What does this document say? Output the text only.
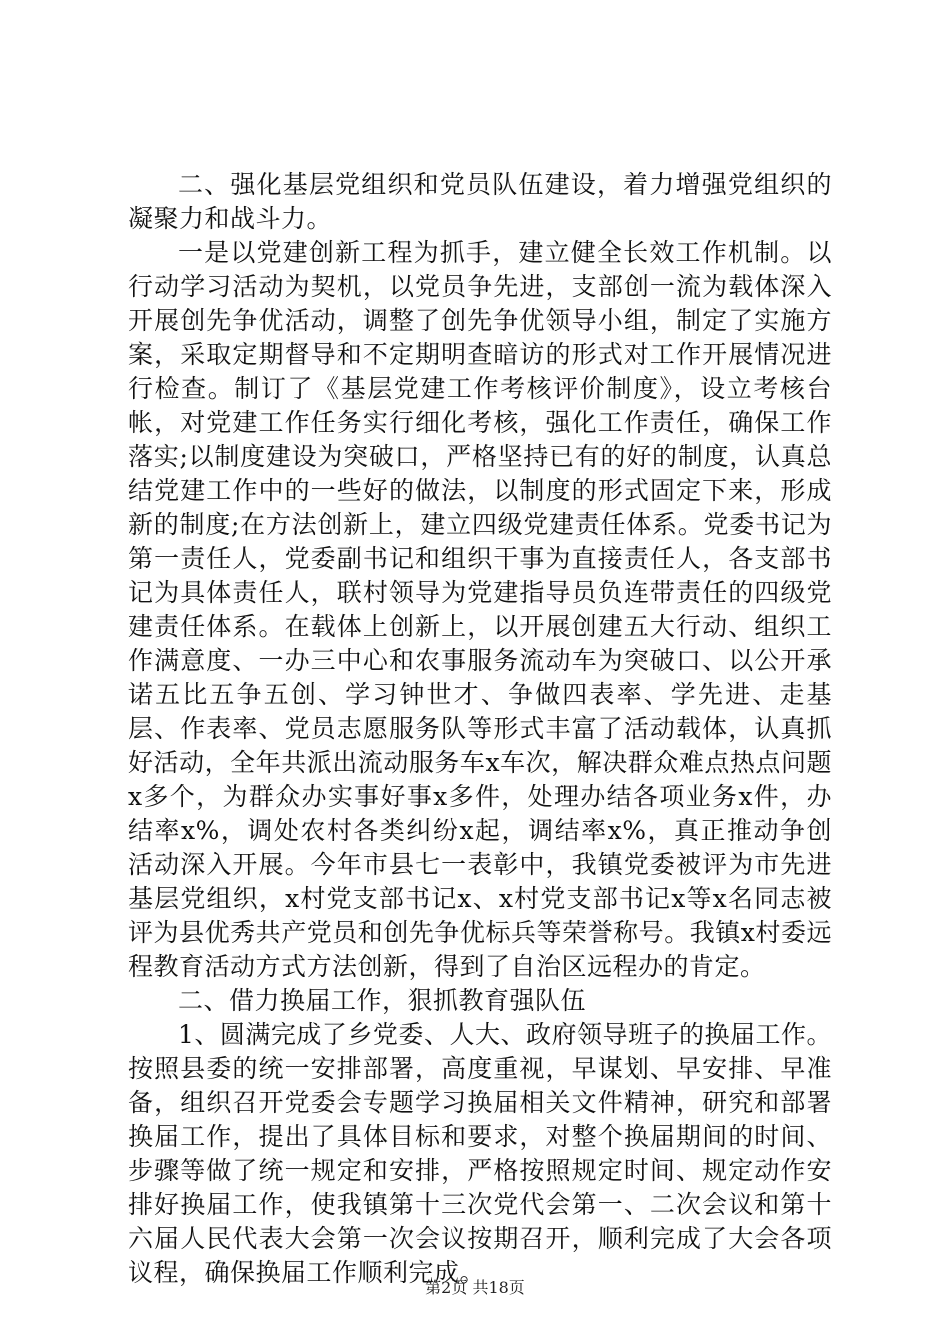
二、强化基层党组织和党员队伍建设，着力增强党组织的凝聚力和战斗力。

一是以党建创新工程为抓手，建立健全长效工作机制。以行动学习活动为契机，以党员争先进，支部创一流为载体深入开展创先争优活动，调整了创先争优领导小组，制定了实施方案，采取定期督导和不定期明查暗访的形式对工作开展情况进行检查。制订了《基层党建工作考核评价制度》，设立考核台帐，对党建工作任务实行细化考核，强化工作责任，确保工作落实;以制度建设为突破口，严格坚持已有的好的制度，认真总结党建工作中的一些好的做法，以制度的形式固定下来，形成新的制度;在方法创新上，建立四级党建责任体系。党委书记为第一责任人，党委副书记和组织干事为直接责任人，各支部书记为具体责任人，联村领导为党建指导员负连带责任的四级党建责任体系。在载体上创新上，以开展创建五大行动、组织工作满意度、一办三中心和农事服务流动车为突破口、以公开承诺五比五争五创、学习钟世才、争做四表率、学先进、走基层、作表率、党员志愿服务队等形式丰富了活动载体，认真抓好活动，全年共派出流动服务车x车次，解决群众难点热点问题x多个，为群众办实事好事x多件，处理办结各项业务x件，办结率x%，调处农村各类纠纷x起，调结率x%，真正推动争创活动深入开展。今年市县七一表彰中，我镇党委被评为市先进基层党组织，x村党支部书记x、x村党支部书记x等x名同志被评为县优秀共产党员和创先争优标兵等荣誉称号。我镇x村委远程教育活动方式方法创新，得到了自治区远程办的肯定。

二、借力换届工作，狠抓教育强队伍

1、圆满完成了乡党委、人大、政府领导班子的换届工作。按照县委的统一安排部署，高度重视，早谋划、早安排、早准备，组织召开党委会专题学习换届相关文件精神，研究和部署换届工作，提出了具体目标和要求，对整个换届期间的时间、步骤等做了统一规定和安排，严格按照规定时间、规定动作安排好换届工作，使我镇第十三次党代会第一、二次会议和第十六届人民代表大会第一次会议按期召开，顺利完成了大会各项议程，确保换届工作顺利完成。

第2页 共18页
